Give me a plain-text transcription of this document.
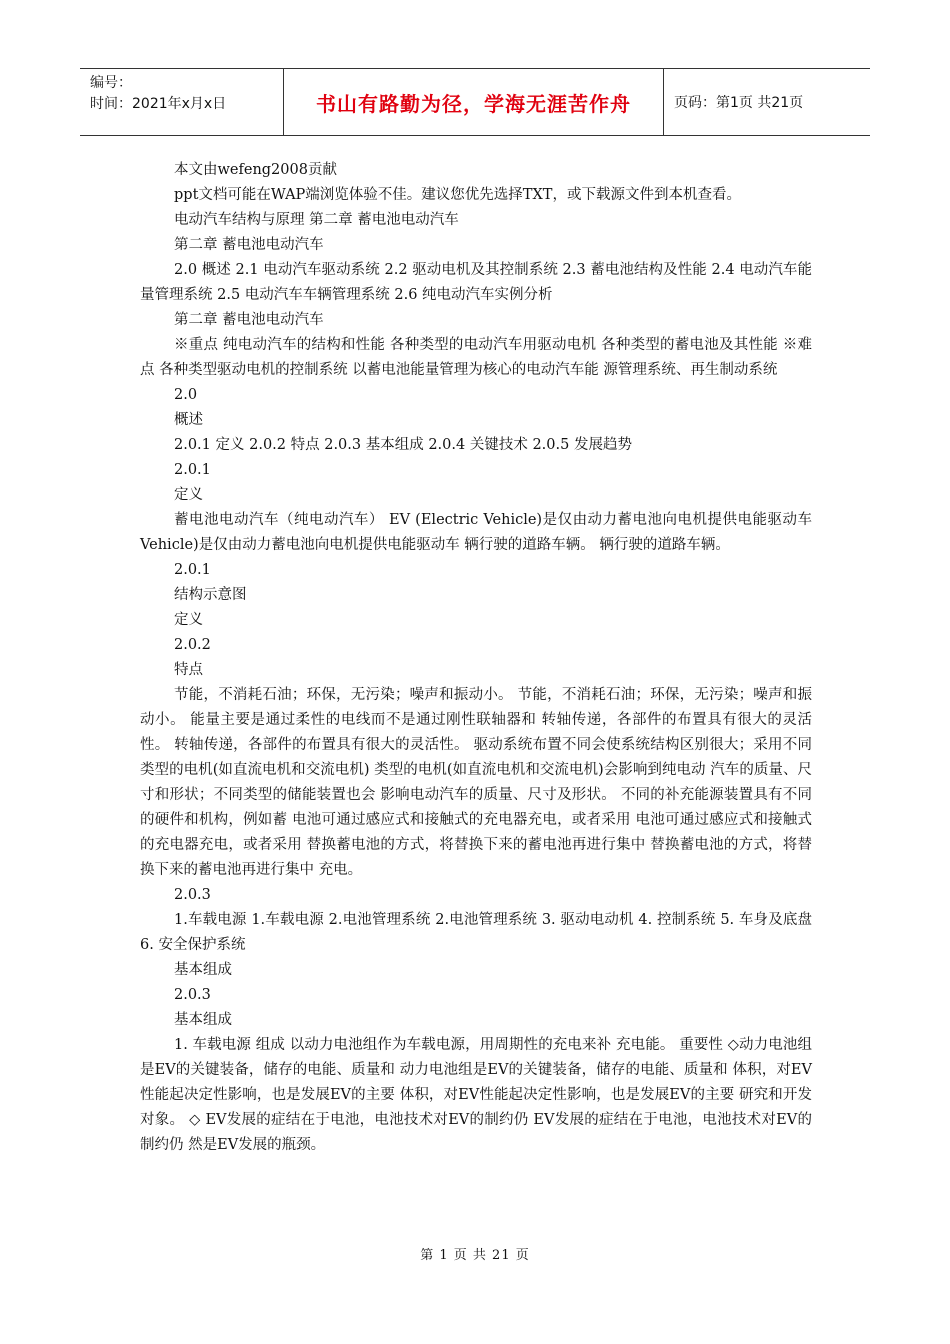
编号：
时间：2021年x月x日	书山有路勤为径，学海无涯苦作舟	页码：第1页 共21页

本文由wefeng2008贡献

ppt文档可能在WAP端浏览体验不佳。建议您优先选择TXT，或下载源文件到本机查看。

电动汽车结构与原理 第二章 蓄电池电动汽车

第二章 蓄电池电动汽车

2.0 概述 2.1 电动汽车驱动系统 2.2 驱动电机及其控制系统 2.3 蓄电池结构及性能 2.4 电动汽车能量管理系统 2.5 电动汽车车辆管理系统 2.6 纯电动汽车实例分析

第二章 蓄电池电动汽车

※重点 纯电动汽车的结构和性能 各种类型的电动汽车用驱动电机 各种类型的蓄电池及其性能 ※难点 各种类型驱动电机的控制系统 以蓄电池能量管理为核心的电动汽车能 源管理系统、再生制动系统

2.0

概述

2.0.1 定义 2.0.2 特点 2.0.3 基本组成 2.0.4 关键技术 2.0.5 发展趋势

2.0.1

定义

蓄电池电动汽车（纯电动汽车） EV (Electric Vehicle)是仅由动力蓄电池向电机提供电能驱动车 Vehicle)是仅由动力蓄电池向电机提供电能驱动车 辆行驶的道路车辆。 辆行驶的道路车辆。

2.0.1

结构示意图

定义

2.0.2

特点

节能，不消耗石油；环保，无污染；噪声和振动小。 节能，不消耗石油；环保，无污染；噪声和振动小。 能量主要是通过柔性的电线而不是通过刚性联轴器和 转轴传递，各部件的布置具有很大的灵活性。 转轴传递，各部件的布置具有很大的灵活性。 驱动系统布置不同会使系统结构区别很大；采用不同 类型的电机(如直流电机和交流电机) 类型的电机(如直流电机和交流电机)会影响到纯电动 汽车的质量、尺寸和形状；不同类型的储能装置也会 影响电动汽车的质量、尺寸及形状。 不同的补充能源装置具有不同的硬件和机构，例如蓄 电池可通过感应式和接触式的充电器充电，或者采用 电池可通过感应式和接触式的充电器充电，或者采用 替换蓄电池的方式，将替换下来的蓄电池再进行集中 替换蓄电池的方式，将替换下来的蓄电池再进行集中 充电。

2.0.3

1.车载电源 1.车载电源 2.电池管理系统 2.电池管理系统 3. 驱动电动机 4. 控制系统 5. 车身及底盘 6. 安全保护系统

基本组成

2.0.3

基本组成

1. 车载电源 组成 以动力电池组作为车载电源，用周期性的充电来补 充电能。 重要性 ◇动力电池组是EV的关键装备，储存的电能、质量和 动力电池组是EV的关键装备，储存的电能、质量和 体积，对EV性能起决定性影响，也是发展EV的主要 体积，对EV性能起决定性影响，也是发展EV的主要 研究和开发对象。 ◇ EV发展的症结在于电池，电池技术对EV的制约仍 EV发展的症结在于电池，电池技术对EV的制约仍 然是EV发展的瓶颈。

第 1 页 共 21 页
